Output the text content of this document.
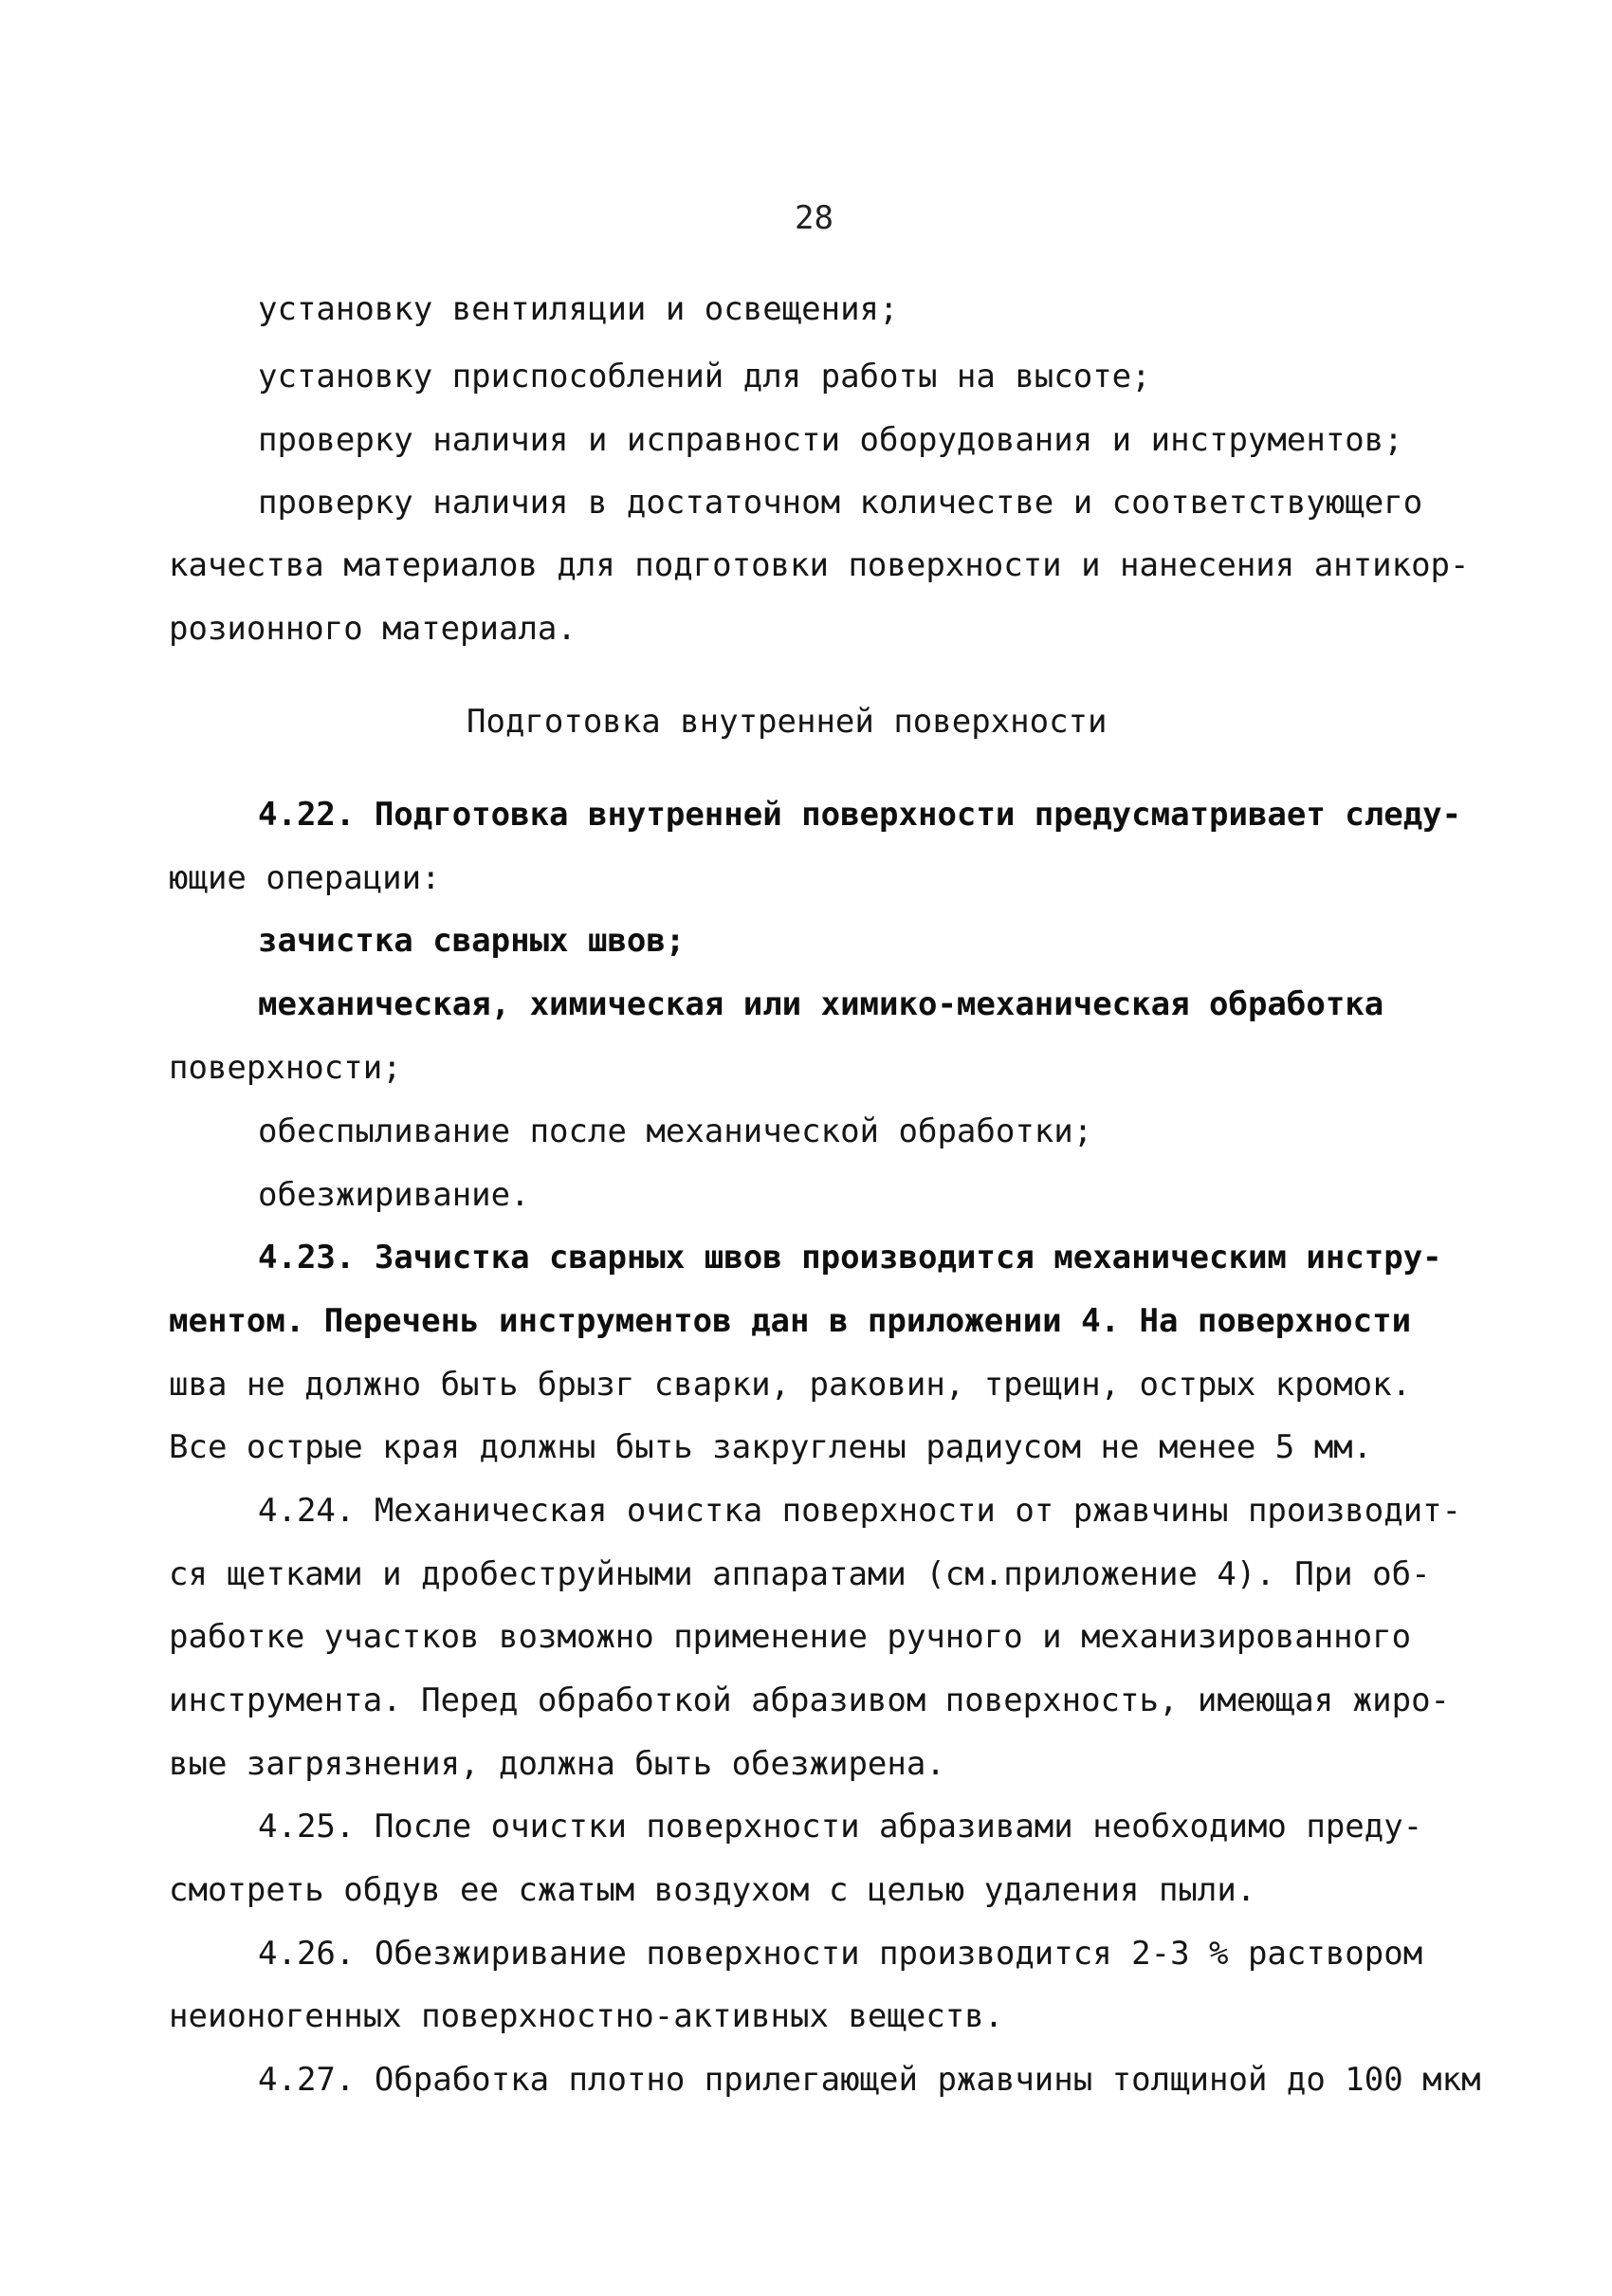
28

установку вентиляции и освещения;

установку приспособлений для работы на высоте;

проверку наличия и исправности оборудования и инструментов;

проверку наличия в достаточном количестве и соответствующего

качества материалов для подготовки поверхности и нанесения антикор-

розионного материала.

Подготовка внутренней поверхности

4.22. Подготовка внутренней поверхности предусматривает следу-

ющие операции:

зачистка сварных швов;

механическая, химическая или химико-механическая обработка

поверхности;

обеспыливание после механической обработки;

обезжиривание.

4.23. Зачистка сварных швов производится механическим инстру-

ментом. Перечень инструментов дан в приложении 4. На поверхности

шва не должно быть брызг сварки, раковин, трещин, острых кромок.

Все острые края должны быть закруглены радиусом не менее 5 мм.

4.24. Механическая очистка поверхности от ржавчины производит-

ся щетками и дробеструйными аппаратами (см.приложение 4). При об-

работке участков возможно применение ручного и механизированного

инструмента. Перед обработкой абразивом поверхность, имеющая жиро-

вые загрязнения, должна быть обезжирена.

4.25. После очистки поверхности абразивами необходимо преду-

смотреть обдув ее сжатым воздухом с целью удаления пыли.

4.26. Обезжиривание поверхности производится 2-3 % раствором

неионогенных поверхностно-активных веществ.

4.27. Обработка плотно прилегающей ржавчины толщиной до 100 мкм
